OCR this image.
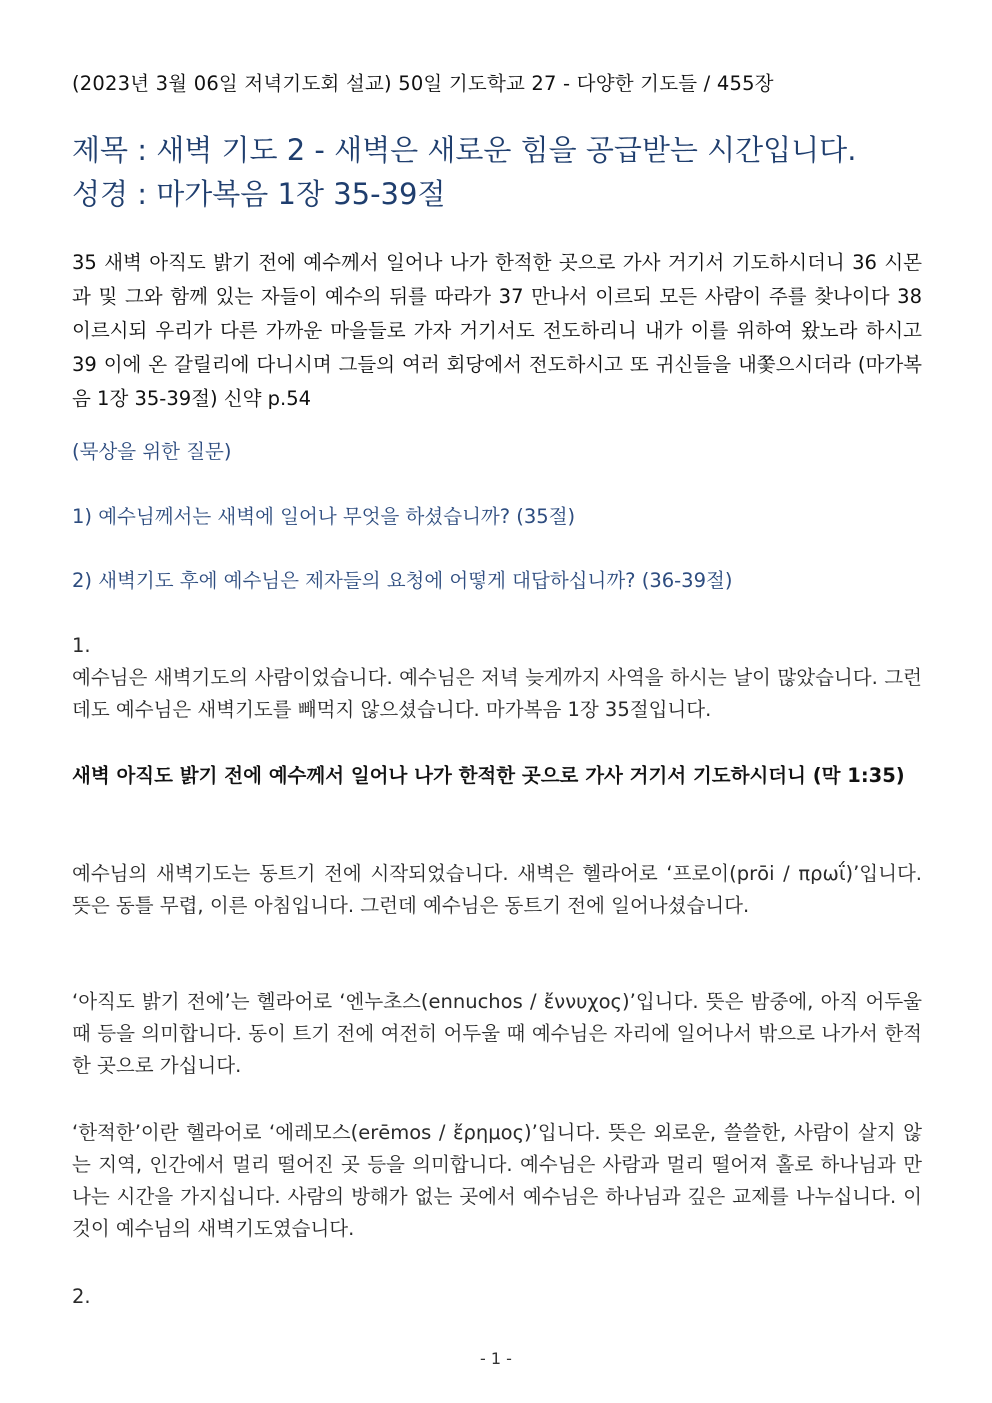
(2023년 3월 06일 저녁기도회 설교) 50일 기도학교 27 - 다양한 기도들 / 455장
제목 : 새벽 기도 2 - 새벽은 새로운 힘을 공급받는 시간입니다.
성경 : 마가복음 1장 35-39절
35 새벽 아직도 밝기 전에 예수께서 일어나 나가 한적한 곳으로 가사 거기서 기도하시더니 36 시몬과 및 그와 함께 있는 자들이 예수의 뒤를 따라가 37 만나서 이르되 모든 사람이 주를 찾나이다 38 이르시되 우리가 다른 가까운 마을들로 가자 거기서도 전도하리니 내가 이를 위하여 왔노라 하시고 39 이에 온 갈릴리에 다니시며 그들의 여러 회당에서 전도하시고 또 귀신들을 내쫓으시더라 (마가복음 1장 35-39절) 신약 p.54
(묵상을 위한 질문)
1) 예수님께서는 새벽에 일어나 무엇을 하셨습니까? (35절)
2) 새벽기도 후에 예수님은 제자들의 요청에 어떻게 대답하십니까? (36-39절)
1.
예수님은 새벽기도의 사람이었습니다. 예수님은 저녁 늦게까지 사역을 하시는 날이 많았습니다. 그런데도 예수님은 새벽기도를 빼먹지 않으셨습니다. 마가복음 1장 35절입니다.
새벽 아직도 밝기 전에 예수께서 일어나 나가 한적한 곳으로 가사 거기서 기도하시더니 (막 1:35)
예수님의 새벽기도는 동트기 전에 시작되었습니다. 새벽은 헬라어로 ‘프로이(prōi / πρωΐ)’입니다. 뜻은 동틀 무렵, 이른 아침입니다. 그런데 예수님은 동트기 전에 일어나셨습니다.
‘아직도 밝기 전에’는 헬라어로 ‘엔누초스(ennuchos / ἔννυχος)’입니다. 뜻은 밤중에, 아직 어두울 때 등을 의미합니다. 동이 트기 전에 여전히 어두울 때 예수님은 자리에 일어나서 밖으로 나가서 한적한 곳으로 가십니다.
‘한적한’이란 헬라어로 ‘에레모스(erēmos / ἔρημος)’입니다. 뜻은 외로운, 쓸쓸한, 사람이 살지 않는 지역, 인간에서 멀리 떨어진 곳 등을 의미합니다. 예수님은 사람과 멀리 떨어져 홀로 하나님과 만나는 시간을 가지십니다. 사람의 방해가 없는 곳에서 예수님은 하나님과 깊은 교제를 나누십니다. 이것이 예수님의 새벽기도였습니다.
2.
- 1 -
